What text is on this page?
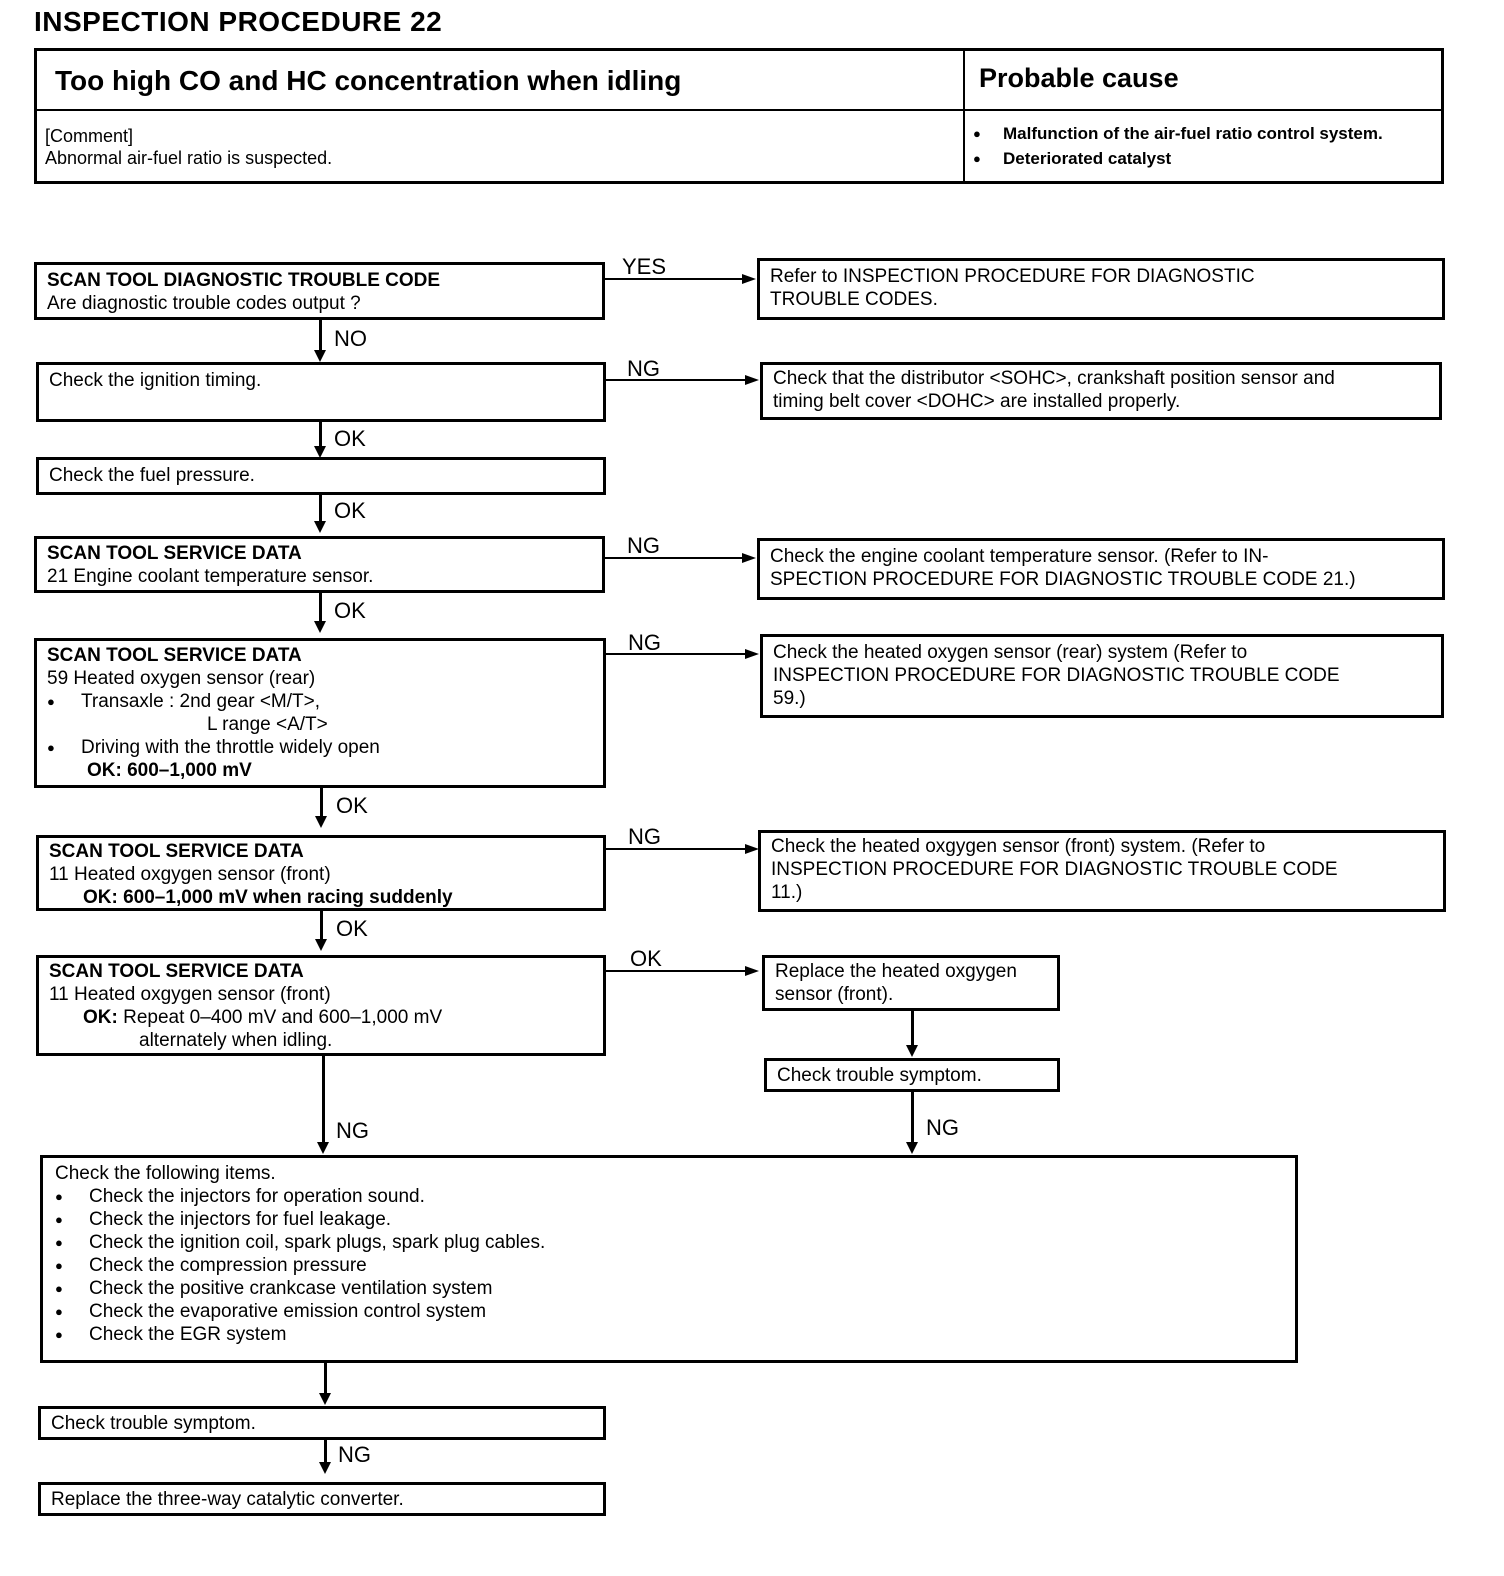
INSPECTION PROCEDURE 22
Too high CO and HC concentration when idling	Probable cause
[Comment]
Abnormal air-fuel ratio is suspected.
● Malfunction of the air-fuel ratio control system.
● Deteriorated catalyst
SCAN TOOL DIAGNOSTIC TROUBLE CODE
Are diagnostic trouble codes output ?
YES	Refer to INSPECTION PROCEDURE FOR DIAGNOSTIC
TROUBLE CODES.
NO
Check the ignition timing.	NG	Check that the distributor <SOHC>, crankshaft position sensor and
timing belt cover <DOHC> are installed properly.
OK
Check the fuel pressure.
OK
SCAN TOOL SERVICE DATA
21 Engine coolant temperature sensor.
NG	Check the engine coolant temperature sensor. (Refer to IN-
SPECTION PROCEDURE FOR DIAGNOSTIC TROUBLE CODE 21.)
OK
SCAN TOOL SERVICE DATA
59 Heated oxygen sensor (rear)
● Transaxle : 2nd gear <M/T>,
L range <A/T>
● Driving with the throttle widely open
OK: 600–1,000 mV
NG	Check the heated oxygen sensor (rear) system (Refer to
INSPECTION PROCEDURE FOR DIAGNOSTIC TROUBLE CODE
59.)
OK
SCAN TOOL SERVICE DATA
11 Heated oxgygen sensor (front)
OK: 600–1,000 mV when racing suddenly
NG	Check the heated oxgygen sensor (front) system. (Refer to
INSPECTION PROCEDURE FOR DIAGNOSTIC TROUBLE CODE
11.)
OK
SCAN TOOL SERVICE DATA
11 Heated oxgygen sensor (front)
OK: Repeat 0–400 mV and 600–1,000 mV
alternately when idling.
OK
Replace the heated oxgygen
sensor (front).
Check trouble symptom.
NG
NG
Check the following items.
● Check the injectors for operation sound.
● Check the injectors for fuel leakage.
● Check the ignition coil, spark plugs, spark plug cables.
● Check the compression pressure
● Check the positive crankcase ventilation system
● Check the evaporative emission control system
● Check the EGR system
Check trouble symptom.
NG
Replace the three-way catalytic converter.
